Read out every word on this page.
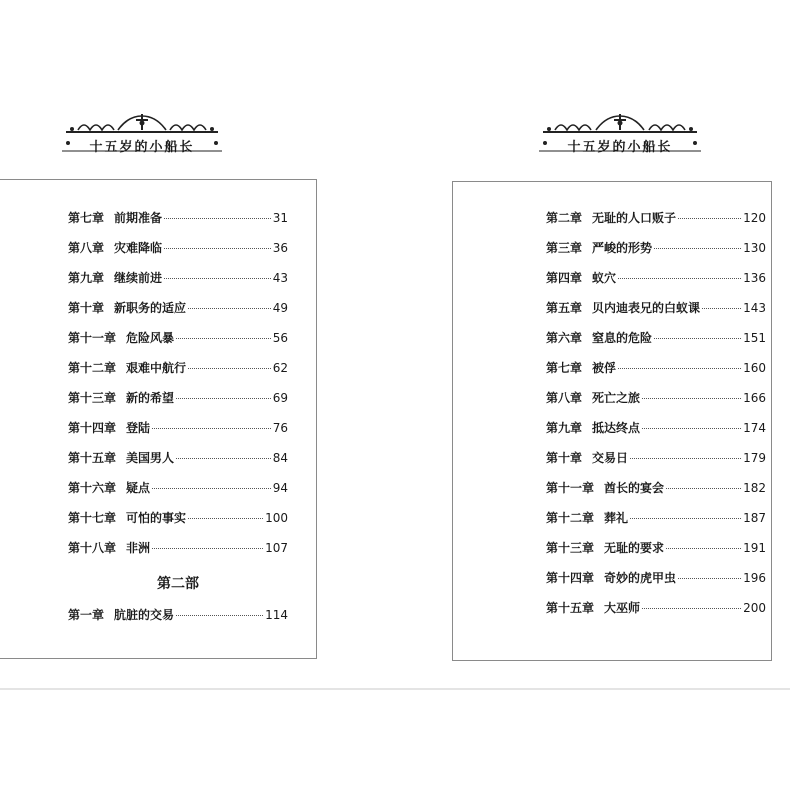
十五岁的小船长	十五岁的小船长
第七章 前期准备	31
第八章 灾难降临	36
第九章 继续前进	43
第十章 新职务的适应	49
第十一章 危险风暴	56
第十二章 艰难中航行	62
第十三章 新的希望	69
第十四章 登陆	76
第十五章 美国男人	84
第十六章 疑点	94
第十七章 可怕的事实	100
第十八章 非洲	107
第二部
第一章 肮脏的交易	114
第二章 无耻的人口贩子	120
第三章 严峻的形势	130
第四章 蚁穴	136
第五章 贝内迪表兄的白蚁课	143
第六章 窒息的危险	151
第七章 被俘	160
第八章 死亡之旅	166
第九章 抵达终点	174
第十章 交易日	179
第十一章 酋长的宴会	182
第十二章 葬礼	187
第十三章 无耻的要求	191
第十四章 奇妙的虎甲虫	196
第十五章 大巫师	200
